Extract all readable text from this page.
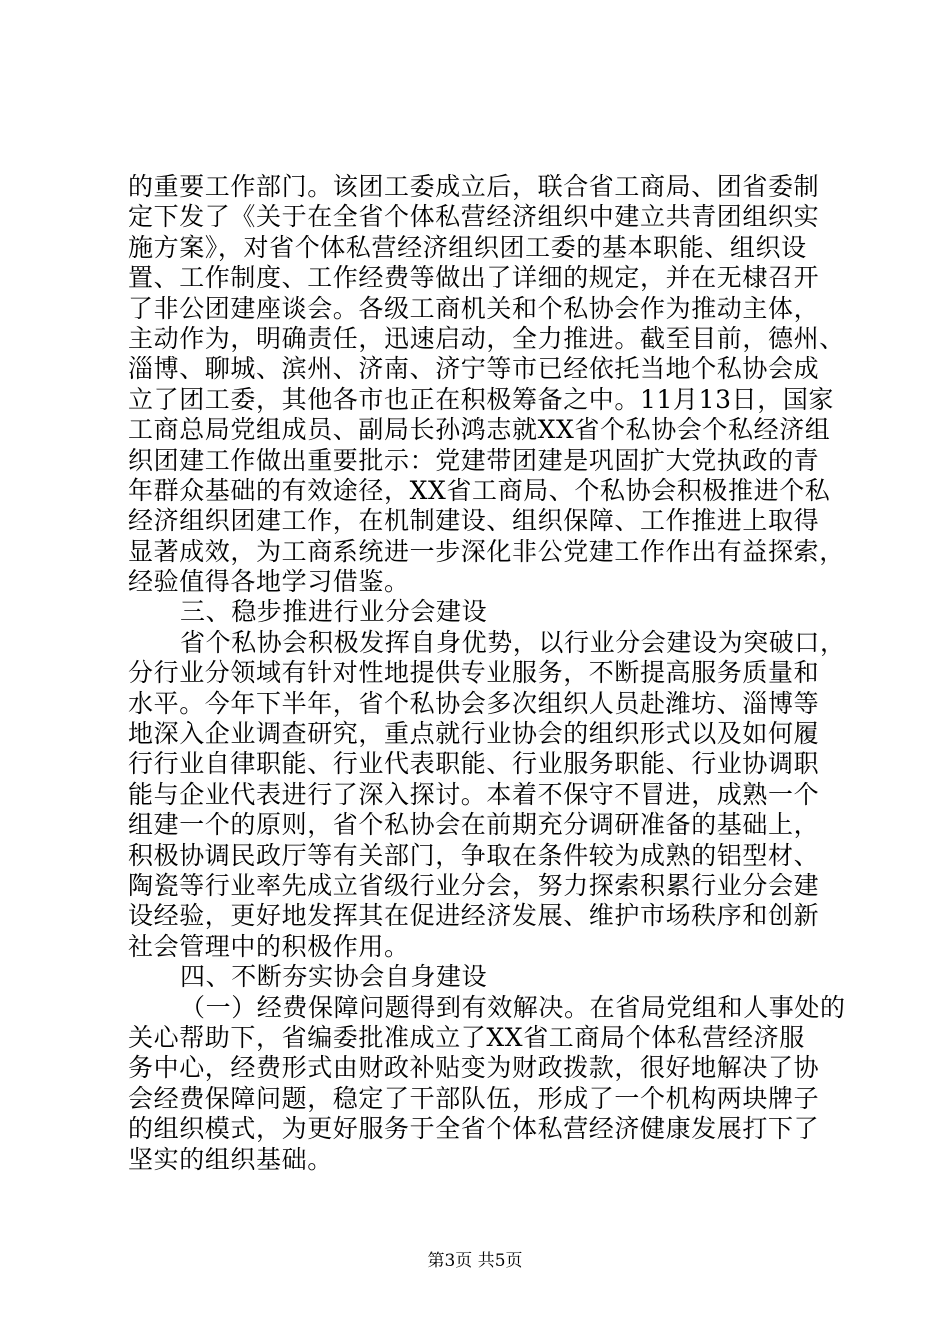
的重要工作部门。该团工委成立后，联合省工商局、团省委制
定下发了《关于在全省个体私营经济组织中建立共青团组织实
施方案》，对省个体私营经济组织团工委的基本职能、组织设
置、工作制度、工作经费等做出了详细的规定，并在无棣召开
了非公团建座谈会。各级工商机关和个私协会作为推动主体，
主动作为，明确责任，迅速启动，全力推进。截至目前，德州、
淄博、聊城、滨州、济南、济宁等市已经依托当地个私协会成
立了团工委，其他各市也正在积极筹备之中。11月13日，国家
工商总局党组成员、副局长孙鸿志就XX省个私协会个私经济组
织团建工作做出重要批示：党建带团建是巩固扩大党执政的青
年群众基础的有效途径，XX省工商局、个私协会积极推进个私
经济组织团建工作，在机制建设、组织保障、工作推进上取得
显著成效，为工商系统进一步深化非公党建工作作出有益探索，
经验值得各地学习借鉴。
三、稳步推进行业分会建设
省个私协会积极发挥自身优势，以行业分会建设为突破口，
分行业分领域有针对性地提供专业服务，不断提高服务质量和
水平。今年下半年，省个私协会多次组织人员赴潍坊、淄博等
地深入企业调查研究，重点就行业协会的组织形式以及如何履
行行业自律职能、行业代表职能、行业服务职能、行业协调职
能与企业代表进行了深入探讨。本着不保守不冒进，成熟一个
组建一个的原则，省个私协会在前期充分调研准备的基础上，
积极协调民政厅等有关部门，争取在条件较为成熟的铝型材、
陶瓷等行业率先成立省级行业分会，努力探索积累行业分会建
设经验，更好地发挥其在促进经济发展、维护市场秩序和创新
社会管理中的积极作用。
四、不断夯实协会自身建设
（一）经费保障问题得到有效解决。在省局党组和人事处的
关心帮助下，省编委批准成立了XX省工商局个体私营经济服
务中心，经费形式由财政补贴变为财政拨款，很好地解决了协
会经费保障问题，稳定了干部队伍，形成了一个机构两块牌子
的组织模式，为更好服务于全省个体私营经济健康发展打下了
坚实的组织基础。
第3页 共5页
